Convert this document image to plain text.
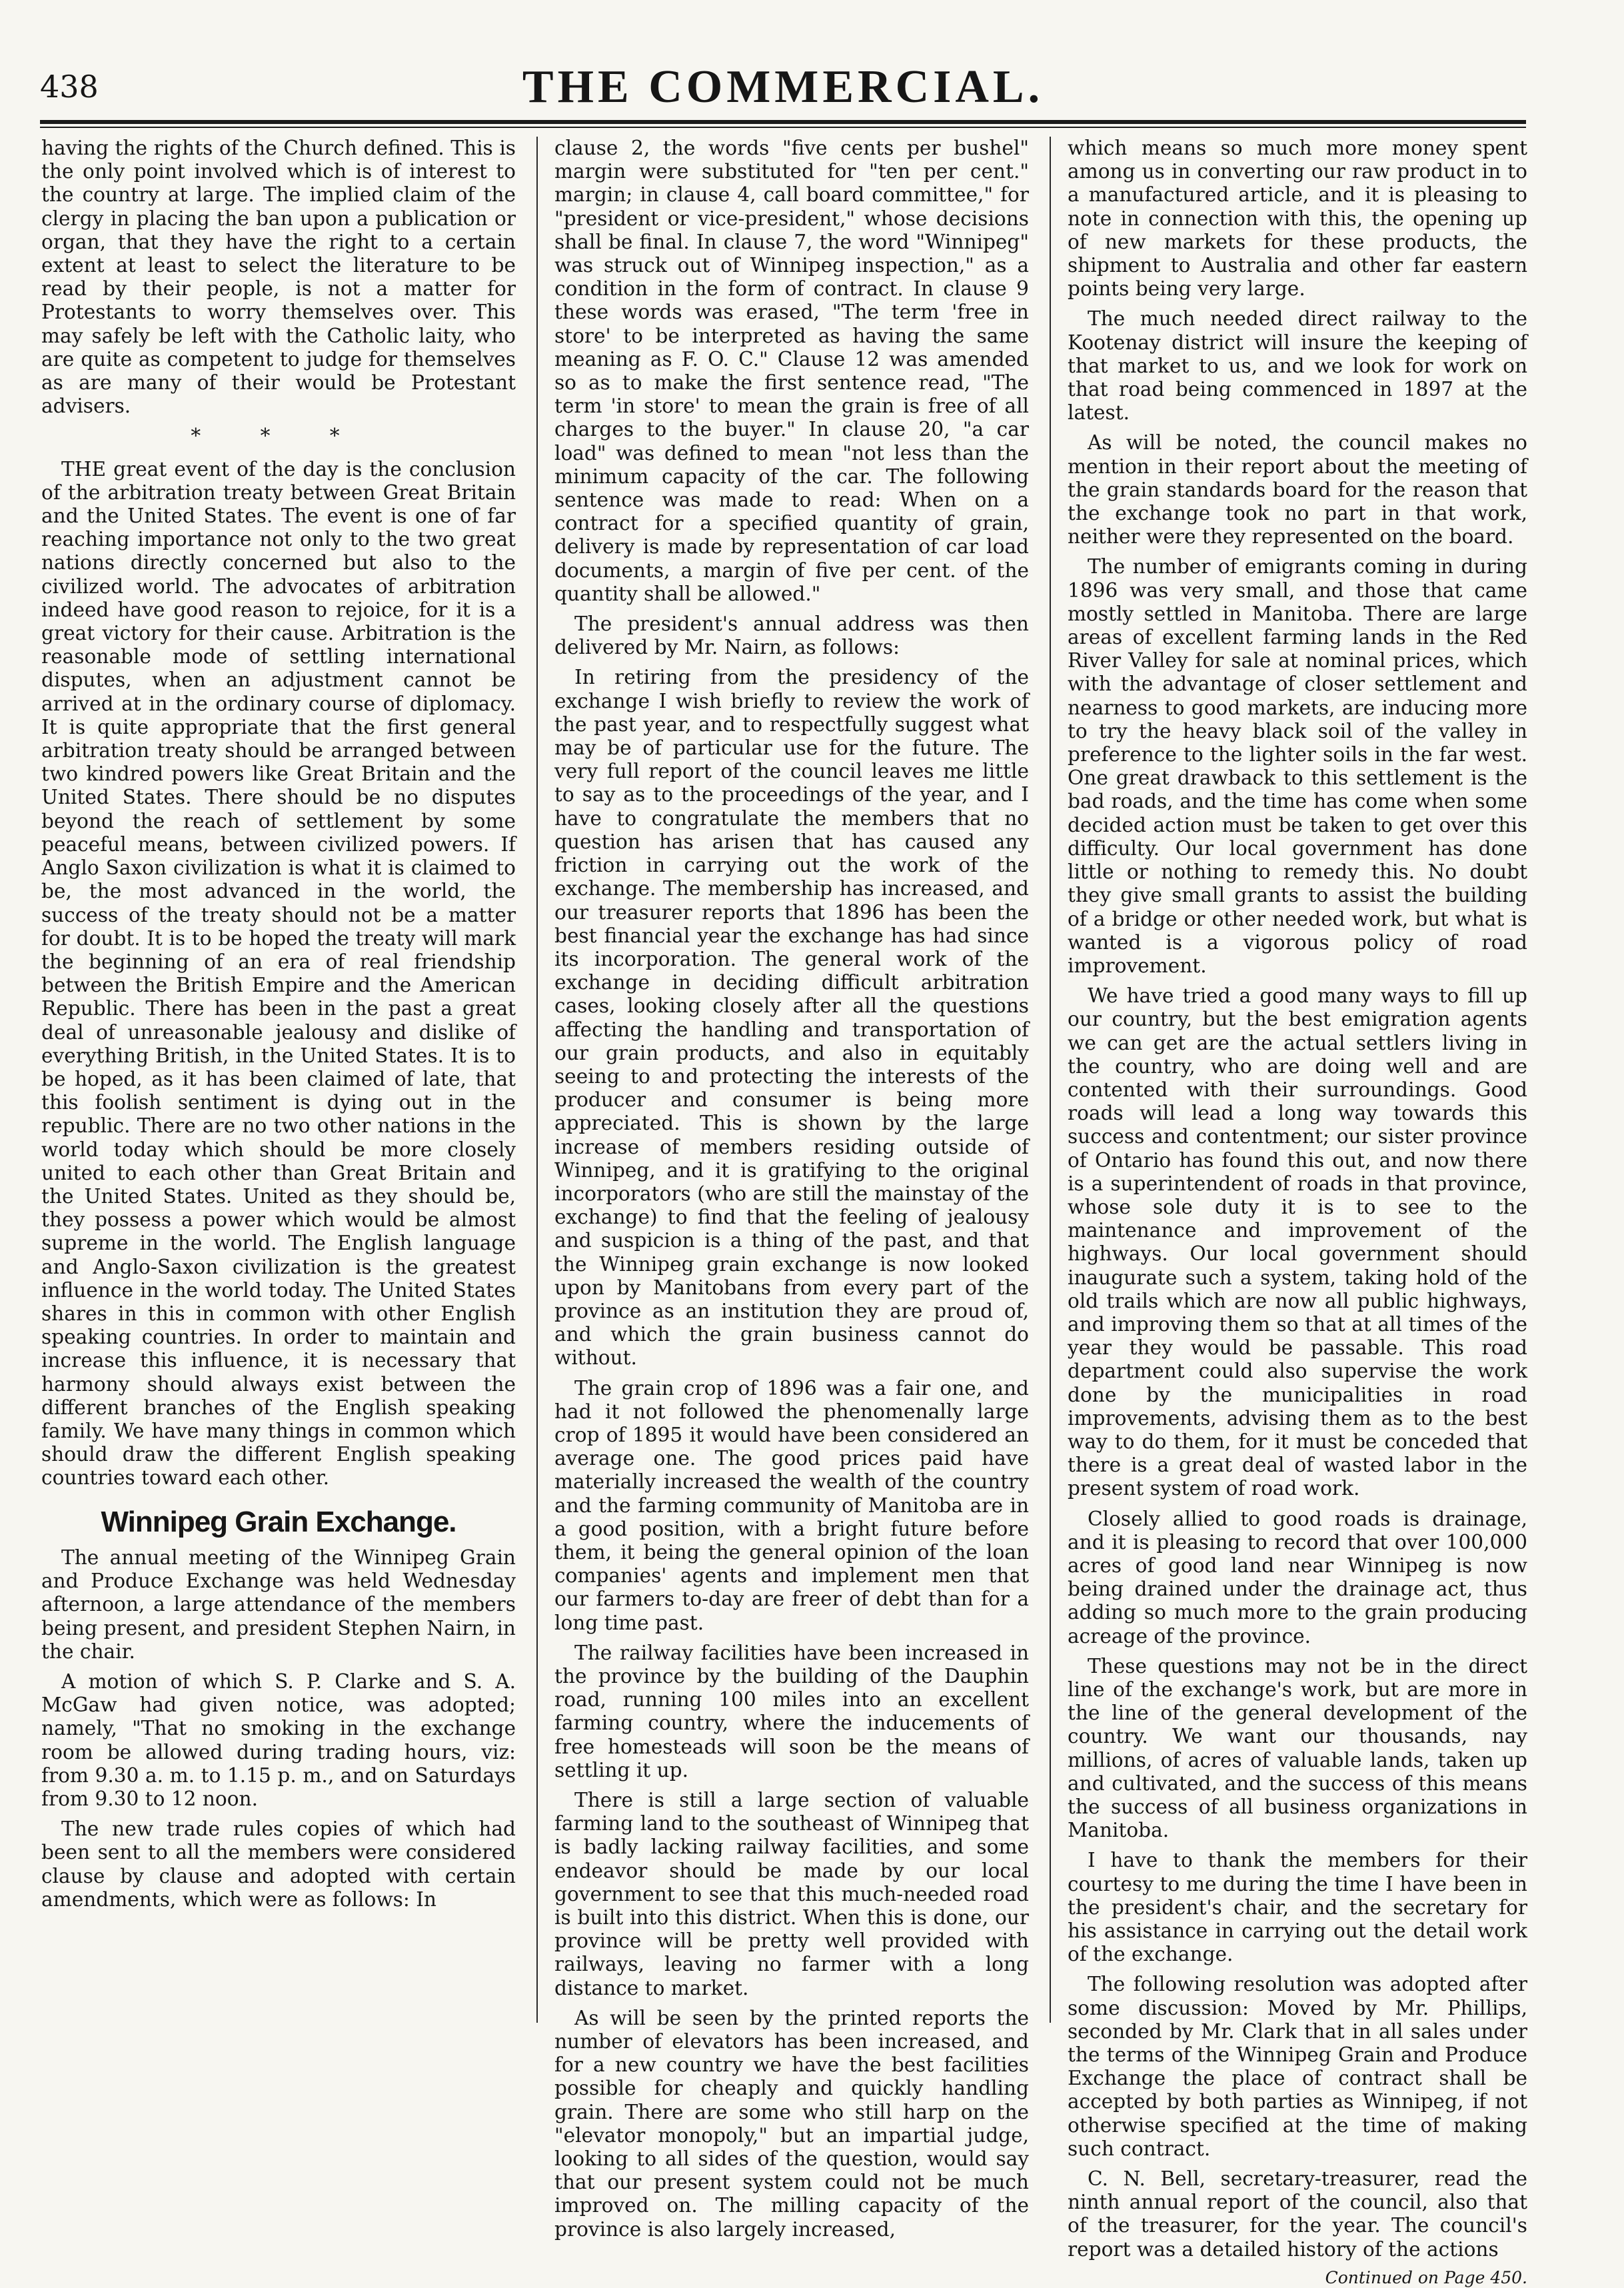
438	THE COMMERCIAL.

having the rights of the Church defined. This is the only point involved which is of interest to the country at large. The implied claim of the clergy in placing the ban upon a publication or organ, that they have the right to a certain extent at least to select the literature to be read by their people, is not a matter for Protestants to worry themselves over. This may safely be left with the Catholic laity, who are quite as competent to judge for themselves as are many of their would be Protestant advisers.

* * *

THE great event of the day is the conclusion of the arbitration treaty between Great Britain and the United States. The event is one of far reaching importance not only to the two great nations directly concerned but also to the civilized world. The advocates of arbitration indeed have good reason to rejoice, for it is a great victory for their cause. Arbitration is the reasonable mode of settling international disputes, when an adjustment cannot be arrived at in the ordinary course of diplomacy. It is quite appropriate that the first general arbitration treaty should be arranged between two kindred powers like Great Britain and the United States. There should be no disputes beyond the reach of settlement by some peaceful means, between civilized powers. If Anglo Saxon civilization is what it is claimed to be, the most advanced in the world, the success of the treaty should not be a matter for doubt. It is to be hoped the treaty will mark the beginning of an era of real friendship between the British Empire and the American Republic. There has been in the past a great deal of unreasonable jealousy and dislike of everything British, in the United States. It is to be hoped, as it has been claimed of late, that this foolish sentiment is dying out in the republic. There are no two other nations in the world today which should be more closely united to each other than Great Britain and the United States. United as they should be, they possess a power which would be almost supreme in the world. The English language and Anglo-Saxon civilization is the greatest influence in the world today. The United States shares in this in common with other English speaking countries. In order to maintain and increase this influence, it is necessary that harmony should always exist between the different branches of the English speaking family. We have many things in common which should draw the different English speaking countries toward each other.

Winnipeg Grain Exchange.

The annual meeting of the Winnipeg Grain and Produce Exchange was held Wednesday afternoon, a large attendance of the members being present, and president Stephen Nairn, in the chair.

A motion of which S. P. Clarke and S. A. McGaw had given notice, was adopted; namely, "That no smoking in the exchange room be allowed during trading hours, viz: from 9.30 a. m. to 1.15 p. m., and on Saturdays from 9.30 to 12 noon.

The new trade rules copies of which had been sent to all the members were considered clause by clause and adopted with certain amendments, which were as follows: In

clause 2, the words "five cents per bushel" margin were substituted for "ten per cent." margin; in clause 4, call board committee," for "president or vice-president," whose decisions shall be final. In clause 7, the word "Winnipeg" was struck out of Winnipeg inspection," as a condition in the form of contract. In clause 9 these words was erased, "The term 'free in store' to be interpreted as having the same meaning as F. O. C." Clause 12 was amended so as to make the first sentence read, "The term 'in store' to mean the grain is free of all charges to the buyer." In clause 20, "a car load" was defined to mean "not less than the minimum capacity of the car. The following sentence was made to read: When on a contract for a specified quantity of grain, delivery is made by representation of car load documents, a margin of five per cent. of the quantity shall be allowed."

The president's annual address was then delivered by Mr. Nairn, as follows:

In retiring from the presidency of the exchange I wish briefly to review the work of the past year, and to respectfully suggest what may be of particular use for the future. The very full report of the council leaves me little to say as to the proceedings of the year, and I have to congratulate the members that no question has arisen that has caused any friction in carrying out the work of the exchange. The membership has increased, and our treasurer reports that 1896 has been the best financial year the exchange has had since its incorporation. The general work of the exchange in deciding difficult arbitration cases, looking closely after all the questions affecting the handling and transportation of our grain products, and also in equitably seeing to and protecting the interests of the producer and consumer is being more appreciated. This is shown by the large increase of members residing outside of Winnipeg, and it is gratifying to the original incorporators (who are still the mainstay of the exchange) to find that the feeling of jealousy and suspicion is a thing of the past, and that the Winnipeg grain exchange is now looked upon by Manitobans from every part of the province as an institution they are proud of, and which the grain business cannot do without.

The grain crop of 1896 was a fair one, and had it not followed the phenomenally large crop of 1895 it would have been considered an average one. The good prices paid have materially increased the wealth of the country and the farming community of Manitoba are in a good position, with a bright future before them, it being the general opinion of the loan companies' agents and implement men that our farmers to-day are freer of debt than for a long time past.

The railway facilities have been increased in the province by the building of the Dauphin road, running 100 miles into an excellent farming country, where the inducements of free homesteads will soon be the means of settling it up.

There is still a large section of valuable farming land to the southeast of Winnipeg that is badly lacking railway facilities, and some endeavor should be made by our local government to see that this much-needed road is built into this district. When this is done, our province will be pretty well provided with railways, leaving no farmer with a long distance to market.

As will be seen by the printed reports the number of elevators has been increased, and for a new country we have the best facilities possible for cheaply and quickly handling grain. There are some who still harp on the "elevator monopoly," but an impartial judge, looking to all sides of the question, would say that our present system could not be much improved on. The milling capacity of the province is also largely increased,

which means so much more money spent among us in converting our raw product in to a manufactured article, and it is pleasing to note in connection with this, the opening up of new markets for these products, the shipment to Australia and other far eastern points being very large.

The much needed direct railway to the Kootenay district will insure the keeping of that market to us, and we look for work on that road being commenced in 1897 at the latest.

As will be noted, the council makes no mention in their report about the meeting of the grain standards board for the reason that the exchange took no part in that work, neither were they represented on the board.

The number of emigrants coming in during 1896 was very small, and those that came mostly settled in Manitoba. There are large areas of excellent farming lands in the Red River Valley for sale at nominal prices, which with the advantage of closer settlement and nearness to good markets, are inducing more to try the heavy black soil of the valley in preference to the lighter soils in the far west. One great drawback to this settlement is the bad roads, and the time has come when some decided action must be taken to get over this difficulty. Our local government has done little or nothing to remedy this. No doubt they give small grants to assist the building of a bridge or other needed work, but what is wanted is a vigorous policy of road improvement.

We have tried a good many ways to fill up our country, but the best emigration agents we can get are the actual settlers living in the country, who are doing well and are contented with their surroundings. Good roads will lead a long way towards this success and contentment; our sister province of Ontario has found this out, and now there is a superintendent of roads in that province, whose sole duty it is to see to the maintenance and improvement of the highways. Our local government should inaugurate such a system, taking hold of the old trails which are now all public highways, and improving them so that at all times of the year they would be passable. This road department could also supervise the work done by the municipalities in road improvements, advising them as to the best way to do them, for it must be conceded that there is a great deal of wasted labor in the present system of road work.

Closely allied to good roads is drainage, and it is pleasing to record that over 100,000 acres of good land near Winnipeg is now being drained under the drainage act, thus adding so much more to the grain producing acreage of the province.

These questions may not be in the direct line of the exchange's work, but are more in the line of the general development of the country. We want our thousands, nay millions, of acres of valuable lands, taken up and cultivated, and the success of this means the success of all business organizations in Manitoba.

I have to thank the members for their courtesy to me during the time I have been in the president's chair, and the secretary for his assistance in carrying out the detail work of the exchange.

The following resolution was adopted after some discussion: Moved by Mr. Phillips, seconded by Mr. Clark that in all sales under the terms of the Winnipeg Grain and Produce Exchange the place of contract shall be accepted by both parties as Winnipeg, if not otherwise specified at the time of making such contract.

C. N. Bell, secretary-treasurer, read the ninth annual report of the council, also that of the treasurer, for the year. The council's report was a detailed history of the actions

Continued on Page 450.
